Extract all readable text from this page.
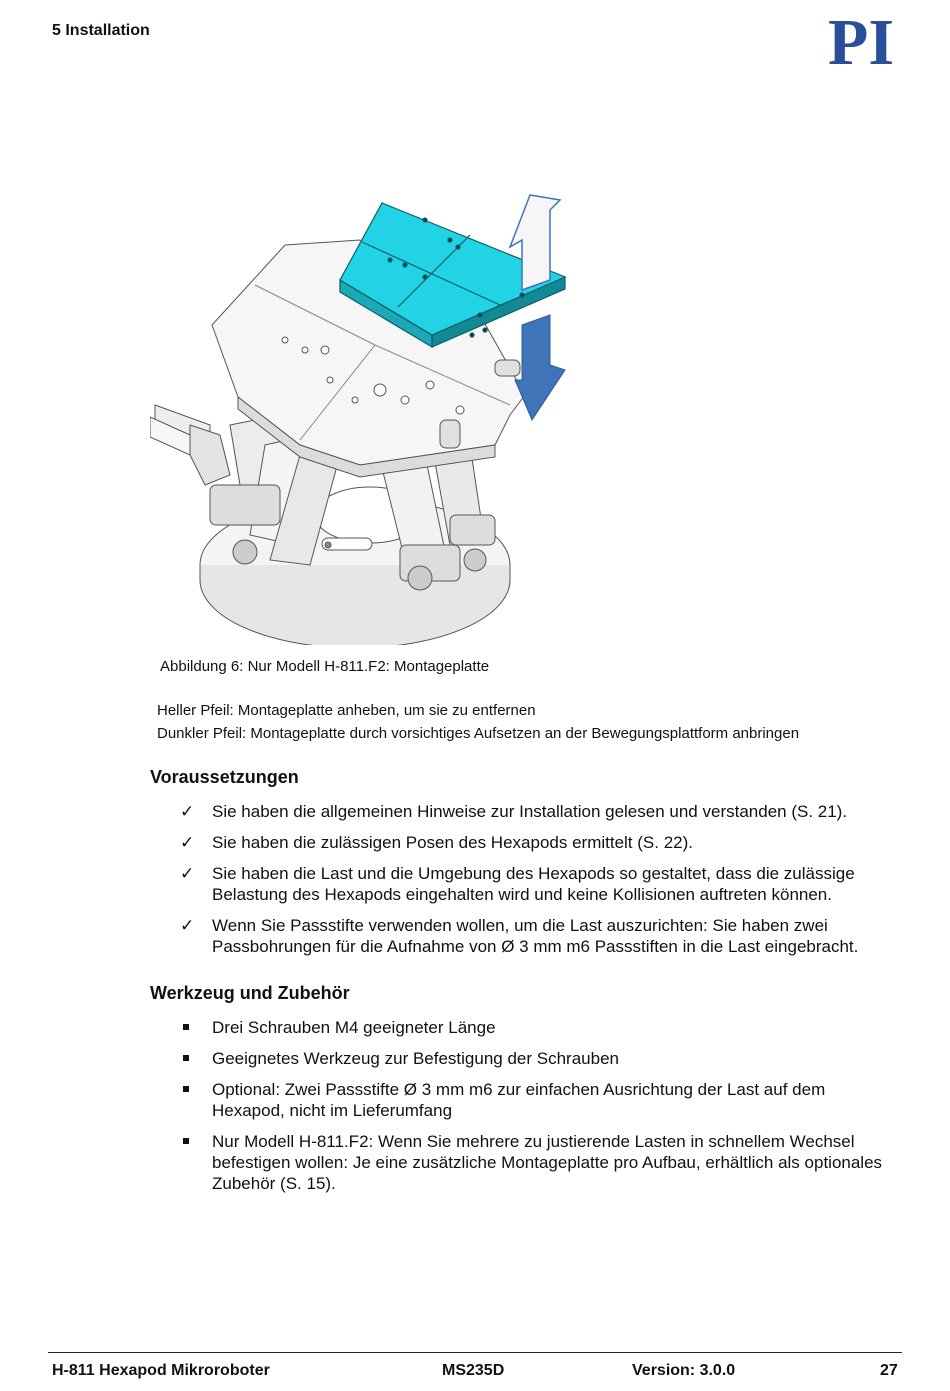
5 Installation	PI
Abbildung 6: Nur Modell H-811.F2: Montageplatte
Heller Pfeil: Montageplatte anheben, um sie zu entfernen
Dunkler Pfeil: Montageplatte durch vorsichtiges Aufsetzen an der Bewegungsplattform anbringen
Voraussetzungen
✓	Sie haben die allgemeinen Hinweise zur Installation gelesen und verstanden (S. 21).
✓	Sie haben die zulässigen Posen des Hexapods ermittelt (S. 22).
✓	Sie haben die Last und die Umgebung des Hexapods so gestaltet, dass die zulässige Belastung des Hexapods eingehalten wird und keine Kollisionen auftreten können.
✓	Wenn Sie Passstifte verwenden wollen, um die Last auszurichten: Sie haben zwei Passbohrungen für die Aufnahme von Ø 3 mm m6 Passstiften in die Last eingebracht.
Werkzeug und Zubehör
Drei Schrauben M4 geeigneter Länge
Geeignetes Werkzeug zur Befestigung der Schrauben
Optional: Zwei Passstifte Ø 3 mm m6 zur einfachen Ausrichtung der Last auf dem Hexapod, nicht im Lieferumfang
Nur Modell H-811.F2: Wenn Sie mehrere zu justierende Lasten in schnellem Wechsel befestigen wollen: Je eine zusätzliche Montageplatte pro Aufbau, erhältlich als optionales Zubehör (S. 15).
H-811 Hexapod Mikroroboter	MS235D	Version: 3.0.0	27
